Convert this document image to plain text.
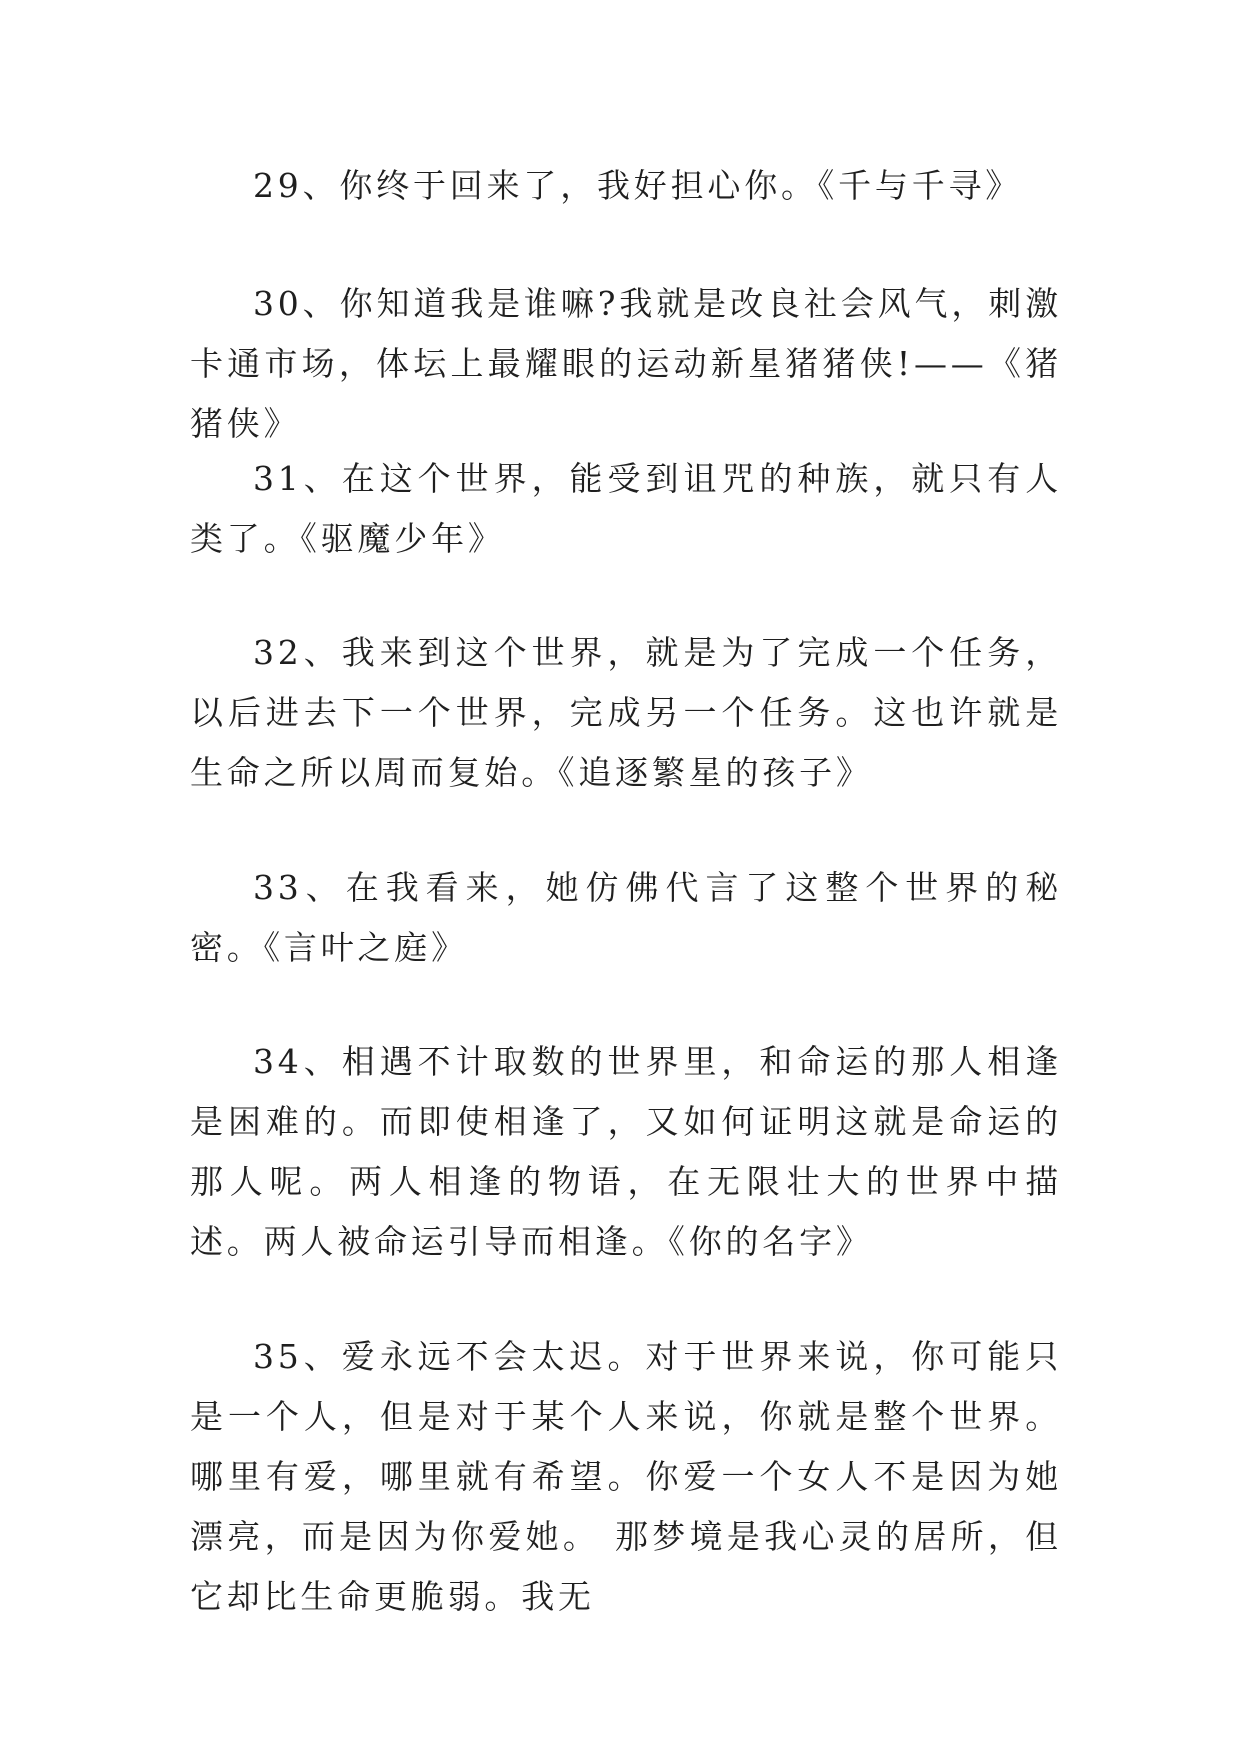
29、你终于回来了，我好担心你。《千与千寻》

30、你知道我是谁嘛?我就是改良社会风气，刺激卡通市场，体坛上最耀眼的运动新星猪猪侠!——《猪猪侠》

31、在这个世界，能受到诅咒的种族，就只有人类了。《驱魔少年》

32、我来到这个世界，就是为了完成一个任务，以后进去下一个世界，完成另一个任务。这也许就是生命之所以周而复始。《追逐繁星的孩子》

33、在我看来，她仿佛代言了这整个世界的秘密。《言叶之庭》

34、相遇不计取数的世界里，和命运的那人相逢是困难的。而即使相逢了，又如何证明这就是命运的那人呢。两人相逢的物语，在无限壮大的世界中描述。两人被命运引导而相逢。《你的名字》

35、爱永远不会太迟。对于世界来说，你可能只是一个人，但是对于某个人来说，你就是整个世界。哪里有爱，哪里就有希望。你爱一个女人不是因为她漂亮，而是因为你爱她。 那梦境是我心灵的居所，但它却比生命更脆弱。我无
